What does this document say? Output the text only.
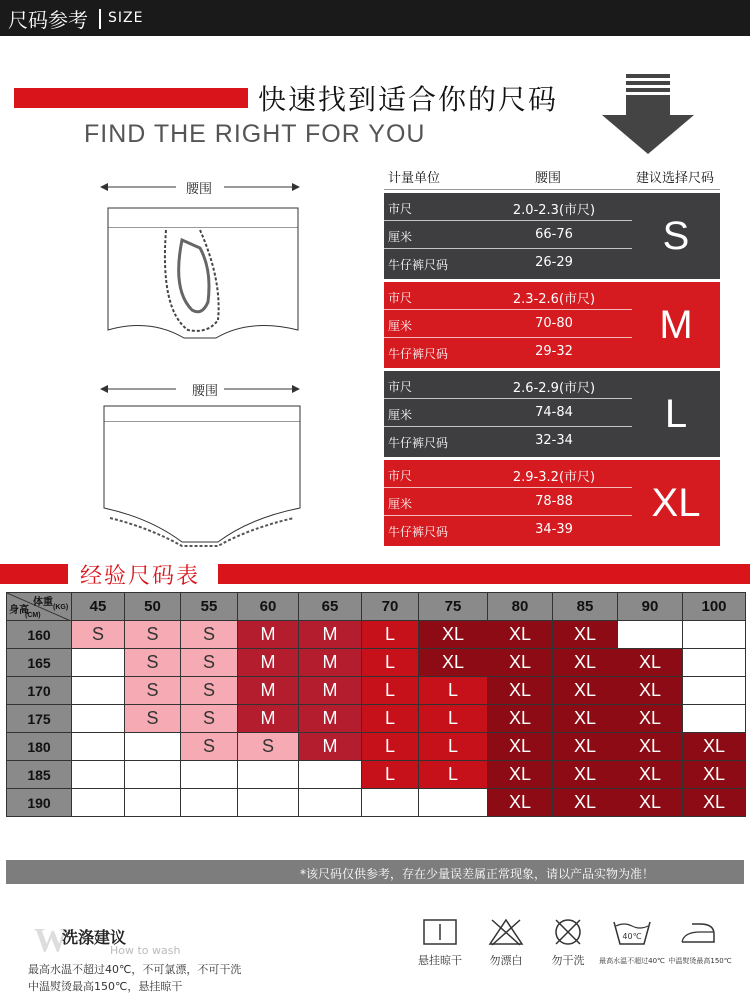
尺码参考 SIZE
快速找到适合你的尺码
FIND THE RIGHT FOR YOU
腰围
腰围
计量单位	腰围	建议选择尺码
市尺	2.0-2.3(市尺)
厘米	66-76
牛仔裤尺码	26-29
S
市尺	2.3-2.6(市尺)
厘米	70-80
牛仔裤尺码	29-32
M
市尺	2.6-2.9(市尺)
厘米	74-84
牛仔裤尺码	32-34
L
市尺	2.9-3.2(市尺)
厘米	78-88
牛仔裤尺码	34-39
XL
经验尺码表
体重 (KG)
身高
(CM)	45	50	55	60	65	70	75	80	85	90	100
160	S	S	S	M	M	L	XL	XL	XL		
165		S	S	M	M	L	XL	XL	XL	XL	
170		S	S	M	M	L	L	XL	XL	XL	
175		S	S	M	M	L	L	XL	XL	XL	
180			S	S	M	L	L	XL	XL	XL	XL
185						L	L	XL	XL	XL	XL
190								XL	XL	XL	XL
*该尺码仅供参考，存在少量误差属正常现象，请以产品实物为准！
W
洗涤建议
How to wash
最高水温不超过40℃，不可氯漂，不可干洗
中温熨烫最高150℃，悬挂晾干
悬挂晾干	勿漂白	勿干洗
40℃
最高水温不超过40℃ 中温熨烫最高150℃
